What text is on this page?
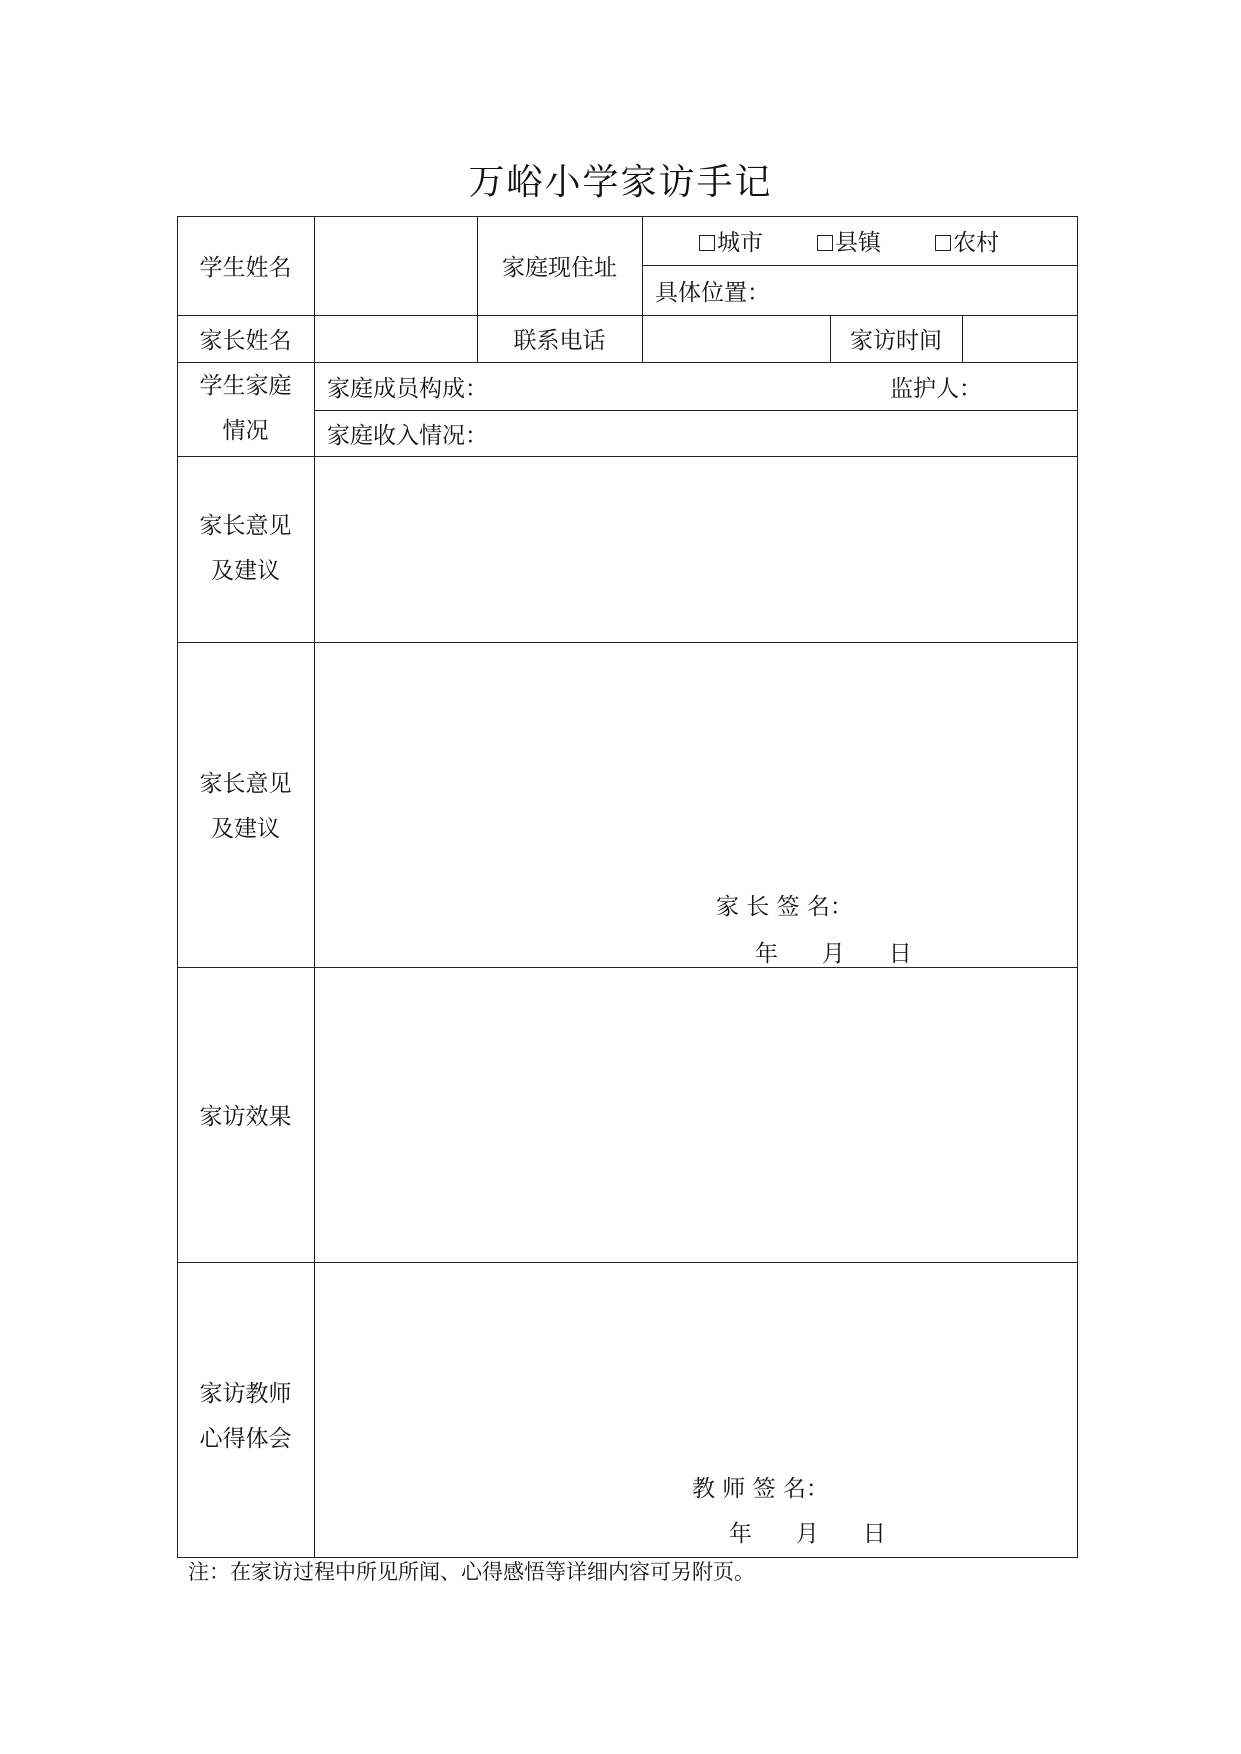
万峪小学家访手记
学生姓名	家庭现住址
城市	县镇	农村
具体位置：
家长姓名	联系电话	家访时间
学生家庭
情况
家庭成员构成：	监护人：
家庭收入情况：
家长意见
及建议
家长意见
及建议
家 长 签 名：
年      月      日
家访效果
家访教师
心得体会
教 师 签 名：
年      月      日
注：在家访过程中所见所闻、心得感悟等详细内容可另附页。
